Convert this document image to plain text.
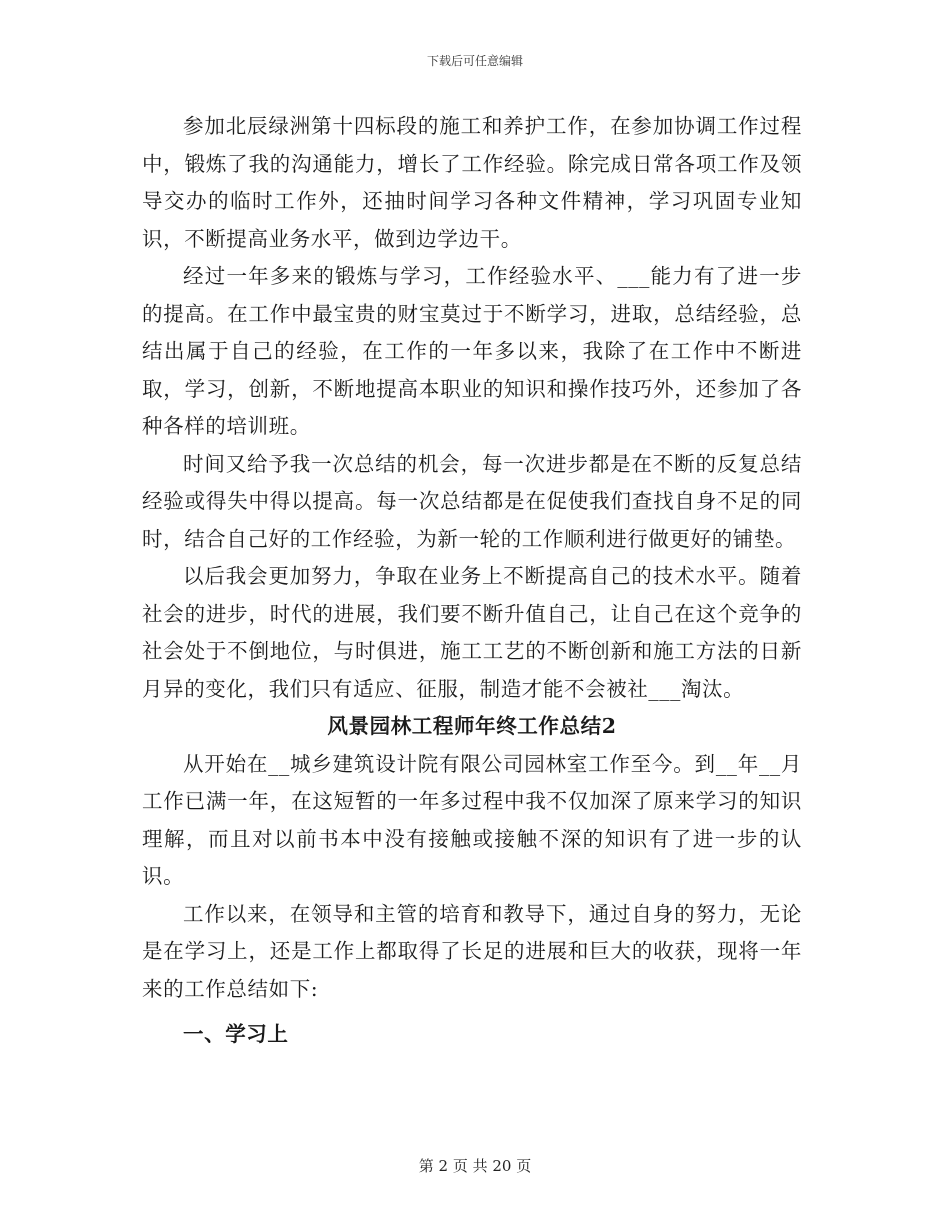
下载后可任意编辑

参加北辰绿洲第十四标段的施工和养护工作，在参加协调工作过程中，锻炼了我的沟通能力，增长了工作经验。除完成日常各项工作及领导交办的临时工作外，还抽时间学习各种文件精神，学习巩固专业知识，不断提高业务水平，做到边学边干。

经过一年多来的锻炼与学习，工作经验水平、___能力有了进一步的提高。在工作中最宝贵的财宝莫过于不断学习，进取，总结经验，总结出属于自己的经验，在工作的一年多以来，我除了在工作中不断进取，学习，创新，不断地提高本职业的知识和操作技巧外，还参加了各种各样的培训班。

时间又给予我一次总结的机会，每一次进步都是在不断的反复总结经验或得失中得以提高。每一次总结都是在促使我们查找自身不足的同时，结合自己好的工作经验，为新一轮的工作顺利进行做更好的铺垫。

以后我会更加努力，争取在业务上不断提高自己的技术水平。随着社会的进步，时代的进展，我们要不断升值自己，让自己在这个竞争的社会处于不倒地位，与时俱进，施工工艺的不断创新和施工方法的日新月异的变化，我们只有适应、征服，制造才能不会被社___淘汰。

风景园林工程师年终工作总结2

从开始在__城乡建筑设计院有限公司园林室工作至今。到__年__月工作已满一年，在这短暂的一年多过程中我不仅加深了原来学习的知识理解，而且对以前书本中没有接触或接触不深的知识有了进一步的认识。

工作以来，在领导和主管的培育和教导下，通过自身的努力，无论是在学习上，还是工作上都取得了长足的进展和巨大的收获，现将一年来的工作总结如下:

一、学习上

第 2 页 共 20 页
